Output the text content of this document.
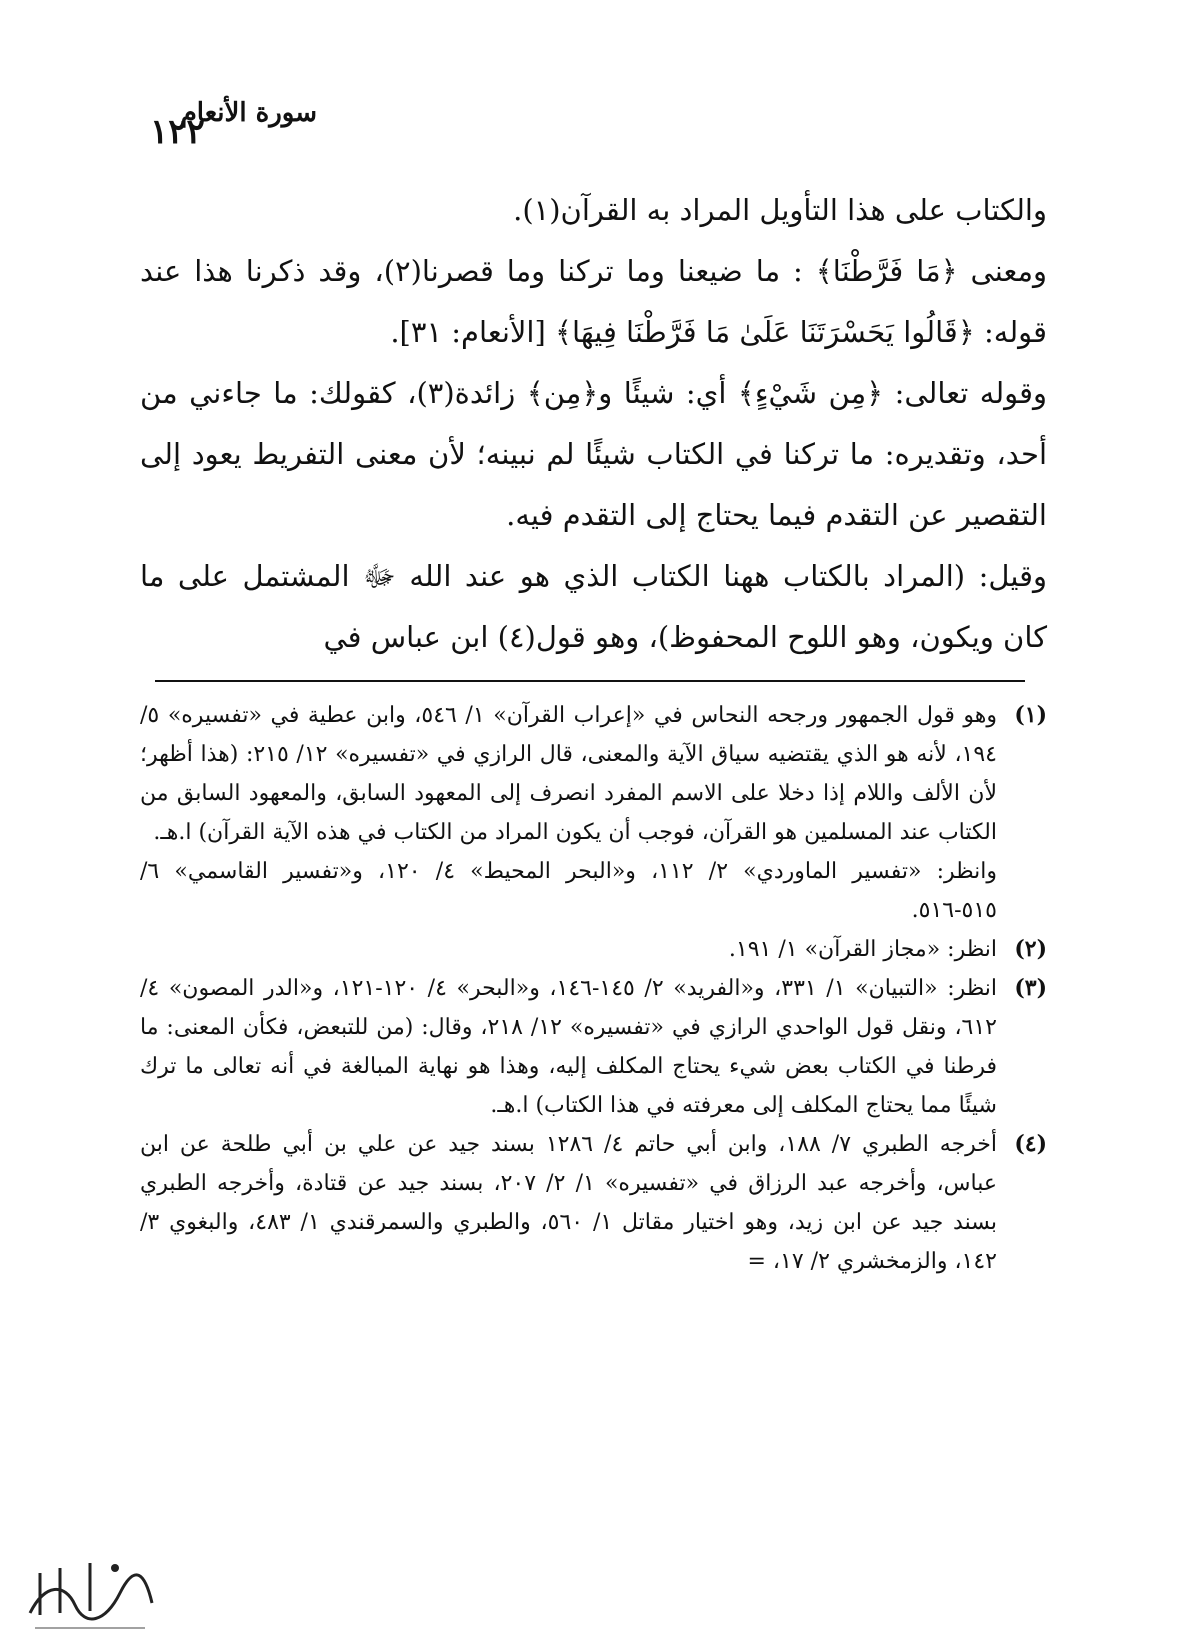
١٢٢
سورة الأنعام

والكتاب على هذا التأويل المراد به القرآن(١).

ومعنى ﴿مَا فَرَّطْنَا﴾ : ما ضيعنا وما تركنا وما قصرنا(٢)، وقد ذكرنا هذا عند قوله: ﴿قَالُوا يَحَسْرَتَنَا عَلَىٰ مَا فَرَّطْنَا فِيهَا﴾ [الأنعام: ٣١].

وقوله تعالى: ﴿مِن شَيْءٍ﴾ أي: شيئًا و﴿مِن﴾ زائدة(٣)، كقولك: ما جاءني من أحد، وتقديره: ما تركنا في الكتاب شيئًا لم نبينه؛ لأن معنى التفريط يعود إلى التقصير عن التقدم فيما يحتاج إلى التقدم فيه.

وقيل: (المراد بالكتاب ههنا الكتاب الذي هو عند الله ﷻ المشتمل على ما كان ويكون، وهو اللوح المحفوظ)، وهو قول(٤) ابن عباس في

(١)
وهو قول الجمهور ورجحه النحاس في «إعراب القرآن» ١/ ٥٤٦، وابن عطية في «تفسيره» ٥/ ١٩٤، لأنه هو الذي يقتضيه سياق الآية والمعنى، قال الرازي في «تفسيره» ١٢/ ٢١٥: (هذا أظهر؛ لأن الألف واللام إذا دخلا على الاسم المفرد انصرف إلى المعهود السابق، والمعهود السابق من الكتاب عند المسلمين هو القرآن، فوجب أن يكون المراد من الكتاب في هذه الآية القرآن) ا.هـ.
وانظر: «تفسير الماوردي» ٢/ ١١٢، و«البحر المحيط» ٤/ ١٢٠، و«تفسير القاسمي» ٦/ ٥١٥-٥١٦.
(٢)
انظر: «مجاز القرآن» ١/ ١٩١.
(٣)
انظر: «التبيان» ١/ ٣٣١، و«الفريد» ٢/ ١٤٥-١٤٦، و«البحر» ٤/ ١٢٠-١٢١، و«الدر المصون» ٤/ ٦١٢، ونقل قول الواحدي الرازي في «تفسيره» ١٢/ ٢١٨، وقال: (من للتبعض، فكأن المعنى: ما فرطنا في الكتاب بعض شيء يحتاج المكلف إليه، وهذا هو نهاية المبالغة في أنه تعالى ما ترك شيئًا مما يحتاج المكلف إلى معرفته في هذا الكتاب) ا.هـ.
(٤)
أخرجه الطبري ٧/ ١٨٨، وابن أبي حاتم ٤/ ١٢٨٦ بسند جيد عن علي بن أبي طلحة عن ابن عباس، وأخرجه عبد الرزاق في «تفسيره» ١/ ٢/ ٢٠٧، بسند جيد عن قتادة، وأخرجه الطبري بسند جيد عن ابن زيد، وهو اختيار مقاتل ١/ ٥٦٠، والطبري والسمرقندي ١/ ٤٨٣، والبغوي ٣/ ١٤٢، والزمخشري ٢/ ١٧، =
